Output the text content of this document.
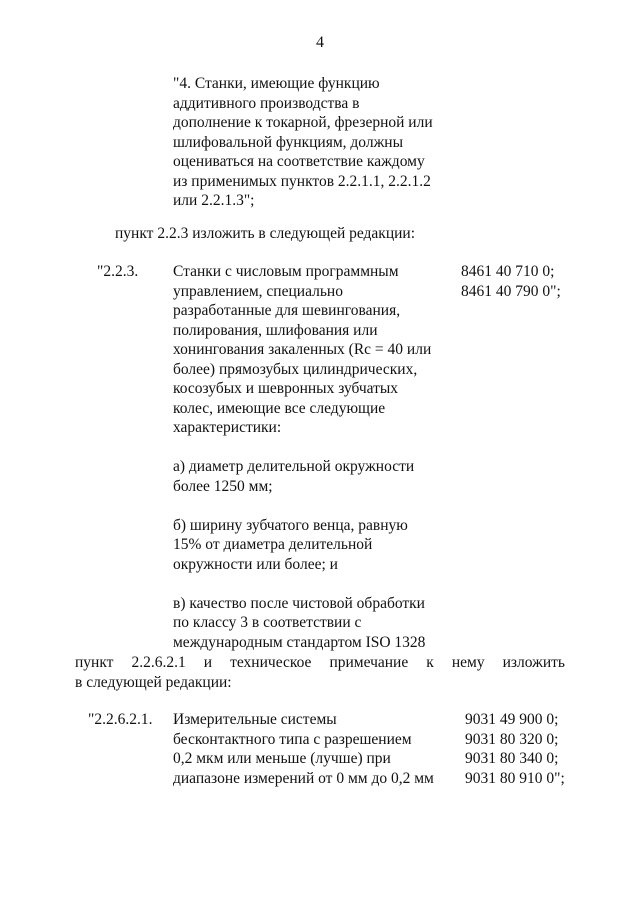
4
"4. Станки, имеющие функцию
аддитивного производства в
дополнение к токарной, фрезерной или
шлифовальной функциям, должны
оцениваться на соответствие каждому
из применимых пунктов 2.2.1.1, 2.2.1.2
или 2.2.1.3";
пункт 2.2.3 изложить в следующей редакции:
"2.2.3. Станки с числовым программным
управлением, специально
разработанные для шевингования,
полирования, шлифования или
хонингования закаленных (Rc = 40 или
более) прямозубых цилиндрических,
косозубых и шевронных зубчатых
колес, имеющие все следующие
характеристики:
а) диаметр делительной окружности
более 1250 мм;
б) ширину зубчатого венца, равную
15% от диаметра делительной
окружности или более; и
в) качество после чистовой обработки
по классу 3 в соответствии с
международным стандартом ISO 1328
8461 40 710 0;
8461 40 790 0";
пункт 2.2.6.2.1 и техническое примечание к нему изложить
в следующей редакции:
"2.2.6.2.1. Измерительные системы
бесконтактного типа с разрешением
0,2 мкм или меньше (лучше) при
диапазоне измерений от 0 мм до 0,2 мм
9031 49 900 0;
9031 80 320 0;
9031 80 340 0;
9031 80 910 0";
